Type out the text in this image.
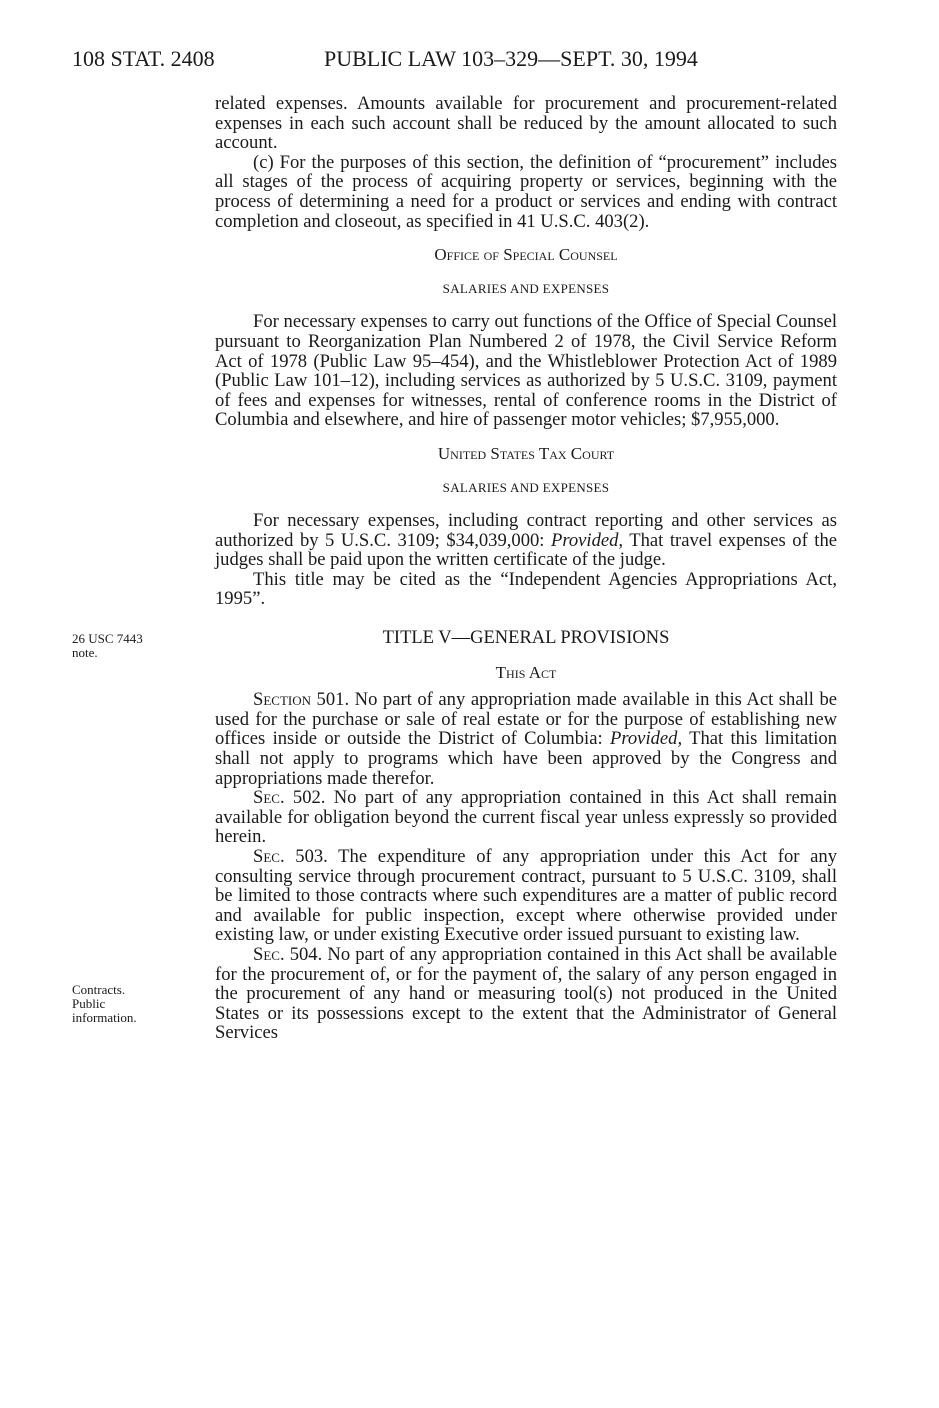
108 STAT. 2408	PUBLIC LAW 103–329—SEPT. 30, 1994
26 USC 7443
note.
Contracts.
Public
information.

related expenses. Amounts available for procurement and procurement-related expenses in each such account shall be reduced by the amount allocated to such account.

(c) For the purposes of this section, the definition of “procurement” includes all stages of the process of acquiring property or services, beginning with the process of determining a need for a product or services and ending with contract completion and closeout, as specified in 41 U.S.C. 403(2).

Office of Special Counsel

SALARIES AND EXPENSES

For necessary expenses to carry out functions of the Office of Special Counsel pursuant to Reorganization Plan Numbered 2 of 1978, the Civil Service Reform Act of 1978 (Public Law 95–454), and the Whistleblower Protection Act of 1989 (Public Law 101–12), including services as authorized by 5 U.S.C. 3109, payment of fees and expenses for witnesses, rental of conference rooms in the District of Columbia and elsewhere, and hire of passenger motor vehicles; $7,955,000.

United States Tax Court

SALARIES AND EXPENSES

For necessary expenses, including contract reporting and other services as authorized by 5 U.S.C. 3109; $34,039,000: Provided, That travel expenses of the judges shall be paid upon the written certificate of the judge.

This title may be cited as the “Independent Agencies Appropriations Act, 1995”.

TITLE V—GENERAL PROVISIONS

This Act

Section 501. No part of any appropriation made available in this Act shall be used for the purchase or sale of real estate or for the purpose of establishing new offices inside or outside the District of Columbia: Provided, That this limitation shall not apply to programs which have been approved by the Congress and appropriations made therefor.

Sec. 502. No part of any appropriation contained in this Act shall remain available for obligation beyond the current fiscal year unless expressly so provided herein.

Sec. 503. The expenditure of any appropriation under this Act for any consulting service through procurement contract, pursuant to 5 U.S.C. 3109, shall be limited to those contracts where such expenditures are a matter of public record and available for public inspection, except where otherwise provided under existing law, or under existing Executive order issued pursuant to existing law.

Sec. 504. No part of any appropriation contained in this Act shall be available for the procurement of, or for the payment of, the salary of any person engaged in the procurement of any hand or measuring tool(s) not produced in the United States or its possessions except to the extent that the Administrator of General Services
